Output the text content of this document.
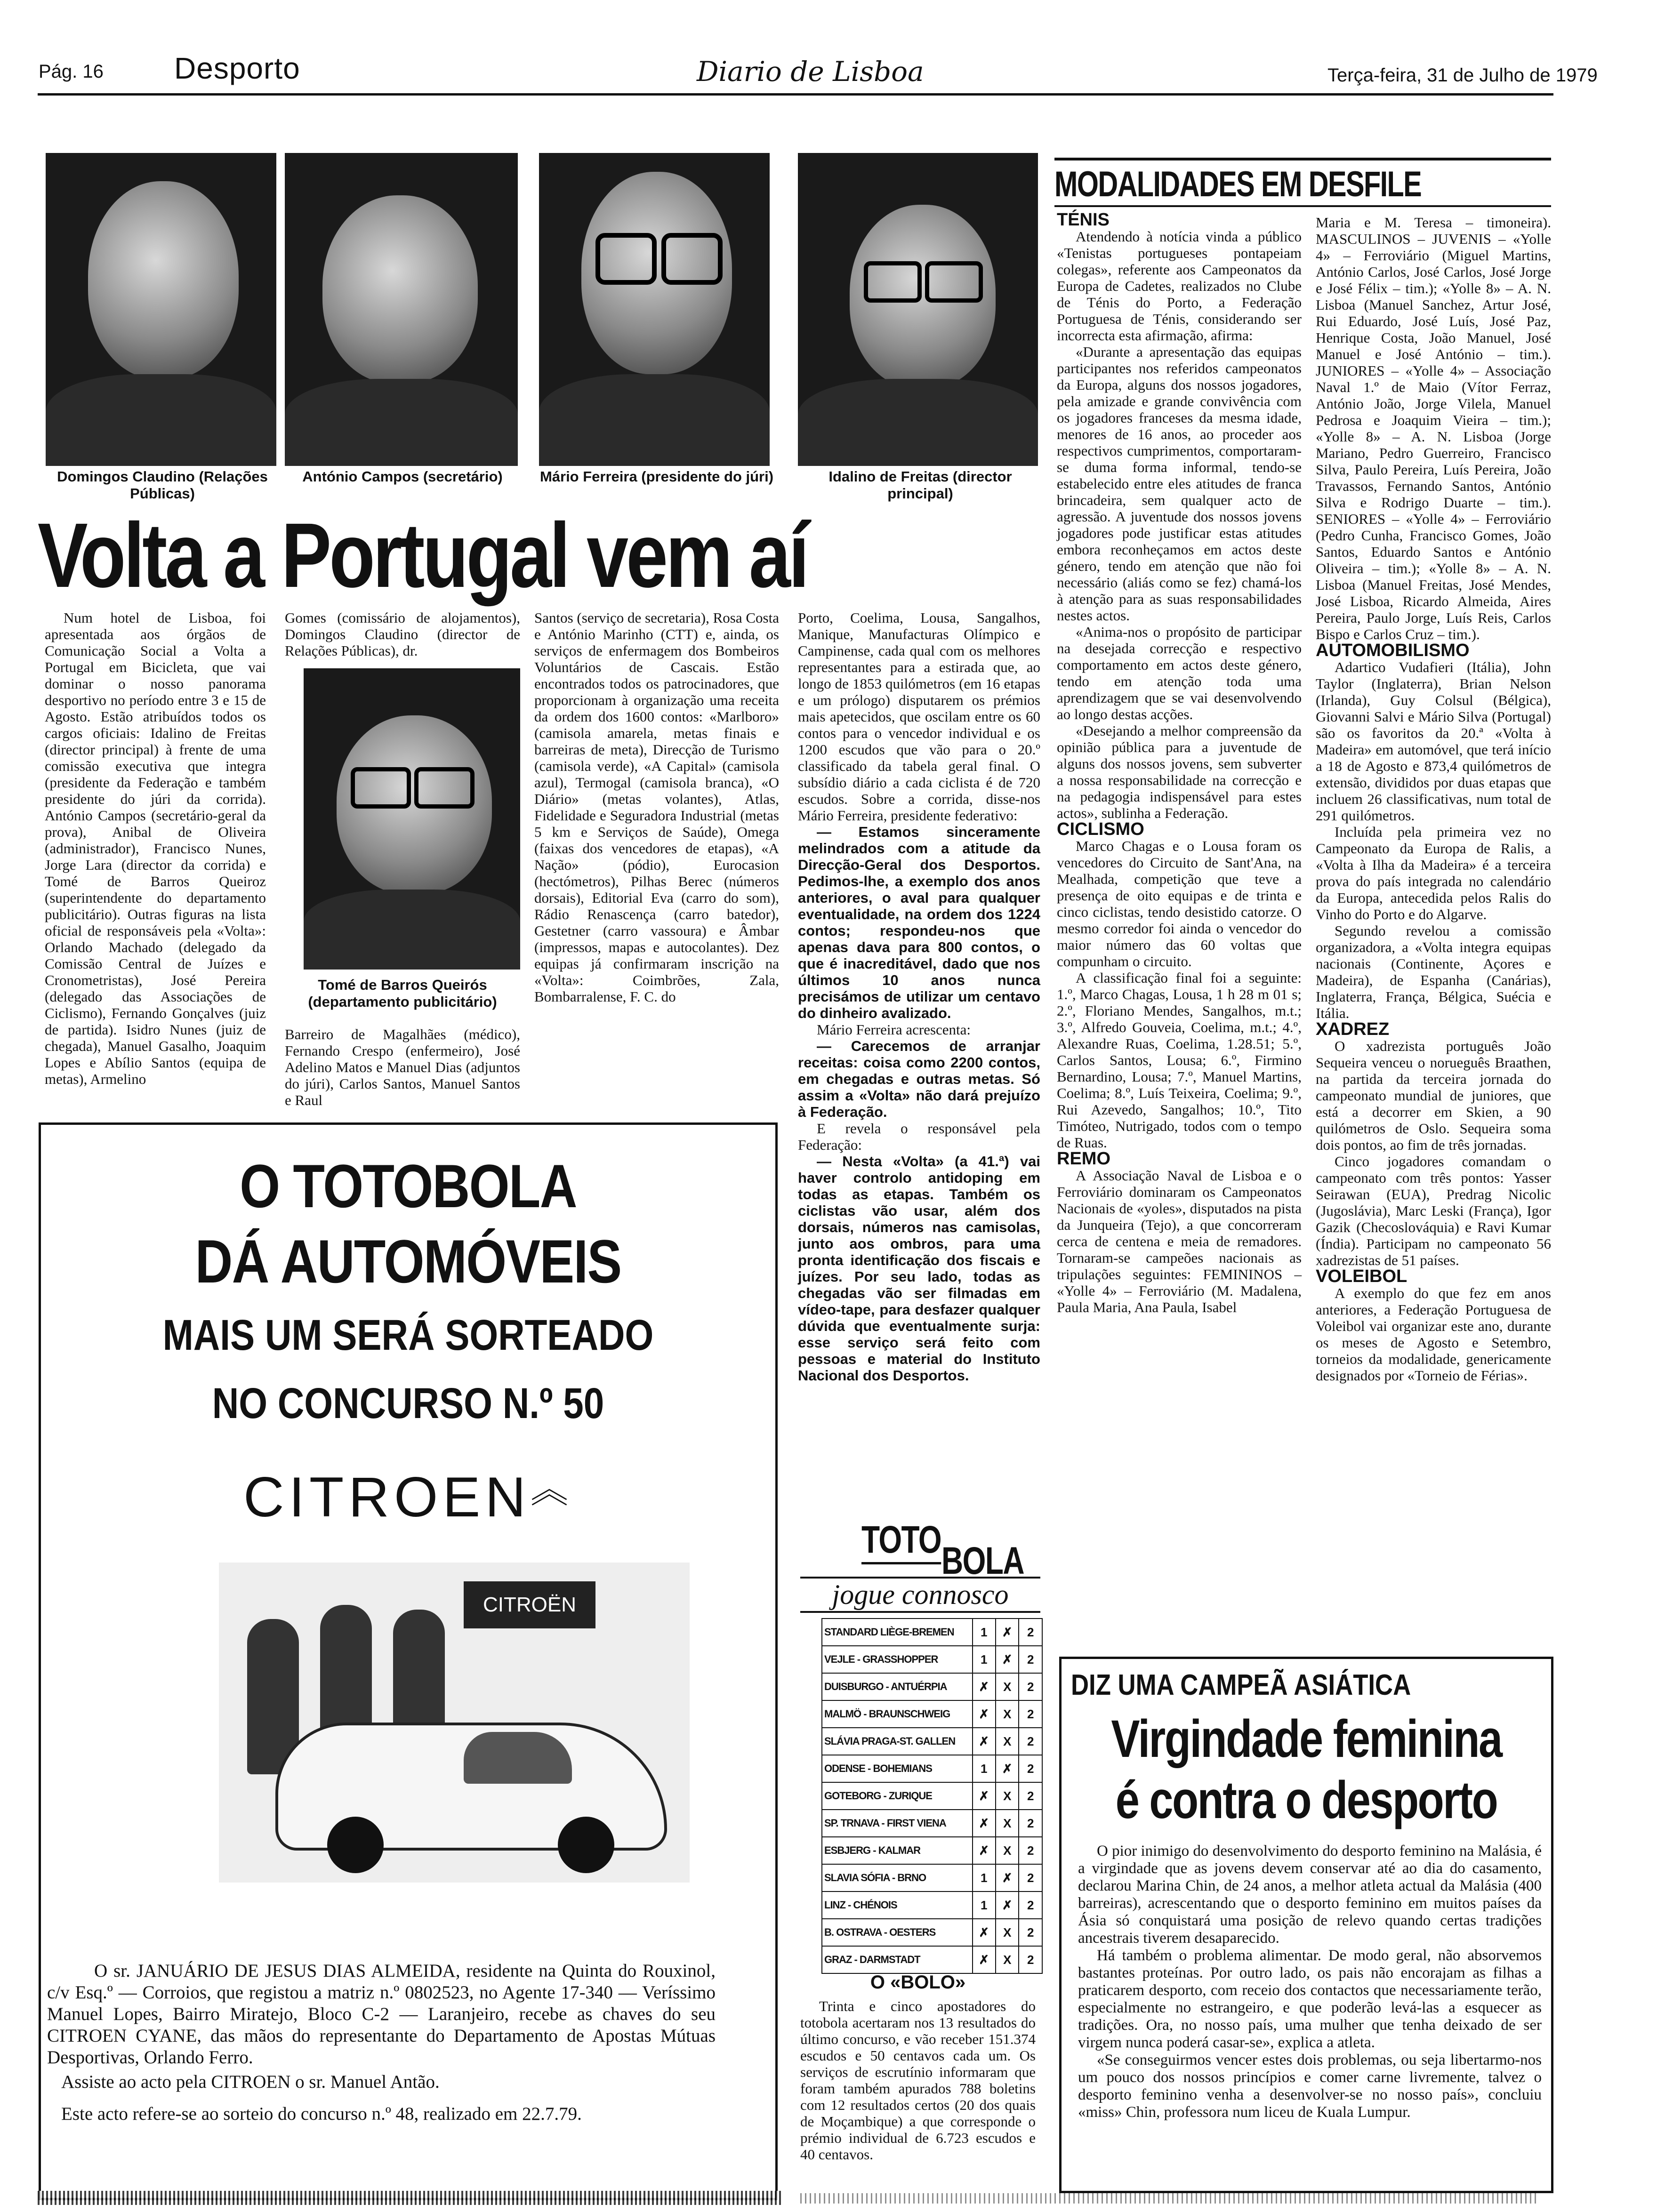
Pág. 16 Desporto	Diario de Lisboa	Terça-feira, 31 de Julho de 1979
Domingos Claudino (Relações Públicas)
António Campos (secretário)	Mário Ferreira (presidente do júri)	Idalino de Freitas (director principal)
Volta a Portugal vem aí

Num hotel de Lisboa, foi apresentada aos órgãos de Comunicação Social a Volta a Portugal em Bicicleta, que vai dominar o nosso panorama desportivo no período entre 3 e 15 de Agosto. Estão atribuídos todos os cargos oficiais: Idalino de Freitas (director principal) à frente de uma comissão executiva que integra (presidente da Federação e também presidente do júri da corrida). António Campos (secretário-geral da prova), Anibal de Oliveira (administrador), Francisco Nunes, Jorge Lara (director da corrida) e Tomé de Barros Queiroz (superintendente do departamento publicitário). Outras figuras na lista oficial de responsáveis pela «Volta»: Orlando Machado (delegado da Comissão Central de Juízes e Cronometristas), José Pereira (delegado das Associações de Ciclismo), Fernando Gonçalves (juiz de partida). Isidro Nunes (juiz de chegada), Manuel Gasalho, Joaquim Lopes e Abílio Santos (equipa de metas), Armelino

Gomes (comissário de alojamentos), Domingos Claudino (director de Relações Públicas), dr.

Tomé de Barros Queirós (departamento publicitário)

Barreiro de Magalhães (médico), Fernando Crespo (enfermeiro), José Adelino Matos e Manuel Dias (adjuntos do júri), Carlos Santos, Manuel Santos e Raul

Santos (serviço de secretaria), Rosa Costa e António Marinho (CTT) e, ainda, os serviços de enfermagem dos Bombeiros Voluntários de Cascais. Estão encontrados todos os patrocinadores, que proporcionam à organização uma receita da ordem dos 1600 contos: «Marlboro» (camisola amarela, metas finais e barreiras de meta), Direcção de Turismo (camisola verde), «A Capital» (camisola azul), Termogal (camisola branca), «O Diário» (metas volantes), Atlas, Fidelidade e Seguradora Industrial (metas 5 km e Serviços de Saúde), Omega (faixas dos vencedores de etapas), «A Nação» (pódio), Eurocasion (hectómetros), Pilhas Berec (números dorsais), Editorial Eva (carro do som), Rádio Renascença (carro batedor), Gestetner (carro vassoura) e Âmbar (impressos, mapas e autocolantes). Dez equipas já confirmaram inscrição na «Volta»: Coimbrões, Zala, Bombarralense, F. C. do

Porto, Coelima, Lousa, Sangalhos, Manique, Manufacturas Olímpico e Campinense, cada qual com os melhores representantes para a estirada que, ao longo de 1853 quilómetros (em 16 etapas e um prólogo) disputarem os prémios mais apetecidos, que oscilam entre os 60 contos para o vencedor individual e os 1200 escudos que vão para o 20.º classificado da tabela geral final. O subsídio diário a cada ciclista é de 720 escudos. Sobre a corrida, disse-nos Mário Ferreira, presidente federativo:

— Estamos sinceramente melindrados com a atitude da Direcção-Geral dos Desportos. Pedimos-lhe, a exemplo dos anos anteriores, o aval para qualquer eventualidade, na ordem dos 1224 contos; respondeu-nos que apenas dava para 800 contos, o que é inacreditável, dado que nos últimos 10 anos nunca precisámos de utilizar um centavo do dinheiro avalizado.

Mário Ferreira acrescenta:

— Carecemos de arranjar receitas: coisa como 2200 contos, em chegadas e outras metas. Só assim a «Volta» não dará prejuízo à Federação.

E revela o responsável pela Federação:

— Nesta «Volta» (a 41.ª) vai haver controlo antidoping em todas as etapas. Também os ciclistas vão usar, além dos dorsais, números nas camisolas, junto aos ombros, para uma pronta identificação dos fiscais e juízes. Por seu lado, todas as chegadas vão ser filmadas em vídeo-tape, para desfazer qualquer dúvida que eventualmente surja: esse serviço será feito com pessoas e material do Instituto Nacional dos Desportos.

O TOTOBOLA
DÁ AUTOMÓVEIS
MAIS UM SERÁ SORTEADO
NO CONCURSO N.º 50
CITROEN︽
CITROËN
O sr. JANUÁRIO DE JESUS DIAS ALMEIDA, residente na Quinta do Rouxinol, c/v Esq.º — Corroios, que registou a matriz n.º 0802523, no Agente 17-340 — Veríssimo Manuel Lopes, Bairro Miratejo, Bloco C-2 — Laranjeiro, recebe as chaves do seu CITROEN CYANE, das mãos do representante do Departamento de Apostas Mútuas Desportivas, Orlando Ferro.
Assiste ao acto pela CITROEN o sr. Manuel Antão.
Este acto refere-se ao sorteio do concurso n.º 48, realizado em 22.7.79.
TOTO BOLA
jogue connosco
STANDARD LIÈGE-BREMEN	1	✗	2
VEJLE - GRASSHOPPER	1	✗	2
DUISBURGO - ANTUÉRPIA	✗	X	2
MALMÖ - BRAUNSCHWEIG	✗	X	2
SLÁVIA PRAGA-ST. GALLEN	✗	X	2
ODENSE - BOHEMIANS	1	✗	2
GOTEBORG - ZURIQUE	✗	X	2
SP. TRNAVA - FIRST VIENA	✗	X	2
ESBJERG - KALMAR	✗	X	2
SLAVIA SÓFIA - BRNO	1	✗	2
LINZ - CHÉNOIS	1	✗	2
B. OSTRAVA - OESTERS	✗	X	2
GRAZ - DARMSTADT	✗	X	2
O «BOLO»

Trinta e cinco apostadores do totobola acertaram nos 13 resultados do último concurso, e vão receber 151.374 escudos e 50 centavos cada um. Os serviços de escrutínio informaram que foram também apurados 788 boletins com 12 resultados certos (20 dos quais de Moçambique) a que corresponde o prémio individual de 6.723 escudos e 40 centavos.

MODALIDADES EM DESFILE

TÉNIS

Atendendo à notícia vinda a público «Tenistas portugueses pontapeiam colegas», referente aos Campeonatos da Europa de Cadetes, realizados no Clube de Ténis do Porto, a Federação Portuguesa de Ténis, considerando ser incorrecta esta afirmação, afirma:

«Durante a apresentação das equipas participantes nos referidos campeonatos da Europa, alguns dos nossos jogadores, pela amizade e grande convivência com os jogadores franceses da mesma idade, menores de 16 anos, ao proceder aos respectivos cumprimentos, comportaram-se duma forma informal, tendo-se estabelecido entre eles atitudes de franca brincadeira, sem qualquer acto de agressão. A juventude dos nossos jovens jogadores pode justificar estas atitudes embora reconheçamos em actos deste género, tendo em atenção que não foi necessário (aliás como se fez) chamá-los à atenção para as suas responsabilidades nestes actos.

«Anima-nos o propósito de participar na desejada correcção e respectivo comportamento em actos deste género, tendo em atenção toda uma aprendizagem que se vai desenvolvendo ao longo destas acções.

«Desejando a melhor compreensão da opinião pública para a juventude de alguns dos nossos jovens, sem subverter a nossa responsabilidade na correcção e na pedagogia indispensável para estes actos», sublinha a Federação.

CICLISMO

Marco Chagas e o Lousa foram os vencedores do Circuito de Sant'Ana, na Mealhada, competição que teve a presença de oito equipas e de trinta e cinco ciclistas, tendo desistido catorze. O mesmo corredor foi ainda o vencedor do maior número das 60 voltas que compunham o circuito.

A classificação final foi a seguinte: 1.º, Marco Chagas, Lousa, 1 h 28 m 01 s; 2.º, Floriano Mendes, Sangalhos, m.t.; 3.º, Alfredo Gouveia, Coelima, m.t.; 4.º, Alexandre Ruas, Coelima, 1.28.51; 5.º, Carlos Santos, Lousa; 6.º, Firmino Bernardino, Lousa; 7.º, Manuel Martins, Coelima; 8.º, Luís Teixeira, Coelima; 9.º, Rui Azevedo, Sangalhos; 10.º, Tito Timóteo, Nutrigado, todos com o tempo de Ruas.

REMO

A Associação Naval de Lisboa e o Ferroviário dominaram os Campeonatos Nacionais de «yoles», disputados na pista da Junqueira (Tejo), a que concorreram cerca de centena e meia de remadores. Tornaram-se campeões nacionais as tripulações seguintes: FEMININOS – «Yolle 4» – Ferroviário (M. Madalena, Paula Maria, Ana Paula, Isabel

Maria e M. Teresa – timoneira). MASCULINOS – JUVENIS – «Yolle 4» – Ferroviário (Miguel Martins, António Carlos, José Carlos, José Jorge e José Félix – tim.); «Yolle 8» – A. N. Lisboa (Manuel Sanchez, Artur José, Rui Eduardo, José Luís, José Paz, Henrique Costa, João Manuel, José Manuel e José António – tim.). JUNIORES – «Yolle 4» – Associação Naval 1.º de Maio (Vítor Ferraz, António João, Jorge Vilela, Manuel Pedrosa e Joaquim Vieira – tim.); «Yolle 8» – A. N. Lisboa (Jorge Mariano, Pedro Guerreiro, Francisco Silva, Paulo Pereira, Luís Pereira, João Travassos, Fernando Santos, António Silva e Rodrigo Duarte – tim.). SENIORES – «Yolle 4» – Ferroviário (Pedro Cunha, Francisco Gomes, João Santos, Eduardo Santos e António Oliveira – tim.); «Yolle 8» – A. N. Lisboa (Manuel Freitas, José Mendes, José Lisboa, Ricardo Almeida, Aires Pereira, Paulo Jorge, Luís Reis, Carlos Bispo e Carlos Cruz – tim.).

AUTOMOBILISMO

Adartico Vudafieri (Itália), John Taylor (Inglaterra), Brian Nelson (Irlanda), Guy Colsul (Bélgica), Giovanni Salvi e Mário Silva (Portugal) são os favoritos da 20.ª «Volta à Madeira» em automóvel, que terá início a 18 de Agosto e 873,4 quilómetros de extensão, divididos por duas etapas que incluem 26 classificativas, num total de 291 quilómetros.

Incluída pela primeira vez no Campeonato da Europa de Ralis, a «Volta à Ilha da Madeira» é a terceira prova do país integrada no calendário da Europa, antecedida pelos Ralis do Vinho do Porto e do Algarve.

Segundo revelou a comissão organizadora, a «Volta integra equipas nacionais (Continente, Açores e Madeira), de Espanha (Canárias), Inglaterra, França, Bélgica, Suécia e Itália.

XADREZ

O xadrezista português João Sequeira venceu o norueguês Braathen, na partida da terceira jornada do campeonato mundial de juniores, que está a decorrer em Skien, a 90 quilómetros de Oslo. Sequeira soma dois pontos, ao fim de três jornadas.

Cinco jogadores comandam o campeonato com três pontos: Yasser Seirawan (EUA), Predrag Nicolic (Jugoslávia), Marc Leski (França), Igor Gazik (Checoslováquia) e Ravi Kumar (Índia). Participam no campeonato 56 xadrezistas de 51 países.

VOLEIBOL

A exemplo do que fez em anos anteriores, a Federação Portuguesa de Voleibol vai organizar este ano, durante os meses de Agosto e Setembro, torneios da modalidade, genericamente designados por «Torneio de Férias».

DIZ UMA CAMPEÃ ASIÁTICA
Virgindade feminina
é contra o desporto

O pior inimigo do desenvolvimento do desporto feminino na Malásia, é a virgindade que as jovens devem conservar até ao dia do casamento, declarou Marina Chin, de 24 anos, a melhor atleta actual da Malásia (400 barreiras), acrescentando que o desporto feminino em muitos países da Ásia só conquistará uma posição de relevo quando certas tradições ancestrais tiverem desaparecido.

Há também o problema alimentar. De modo geral, não absorvemos bastantes proteínas. Por outro lado, os pais não encorajam as filhas a praticarem desporto, com receio dos contactos que necessariamente terão, especialmente no estrangeiro, e que poderão levá-las a esquecer as tradições. Ora, no nosso país, uma mulher que tenha deixado de ser virgem nunca poderá casar-se», explica a atleta.

«Se conseguirmos vencer estes dois problemas, ou seja libertarmo-nos um pouco dos nossos princípios e comer carne livremente, talvez o desporto feminino venha a desenvolver-se no nosso país», concluiu «miss» Chin, professora num liceu de Kuala Lumpur.
